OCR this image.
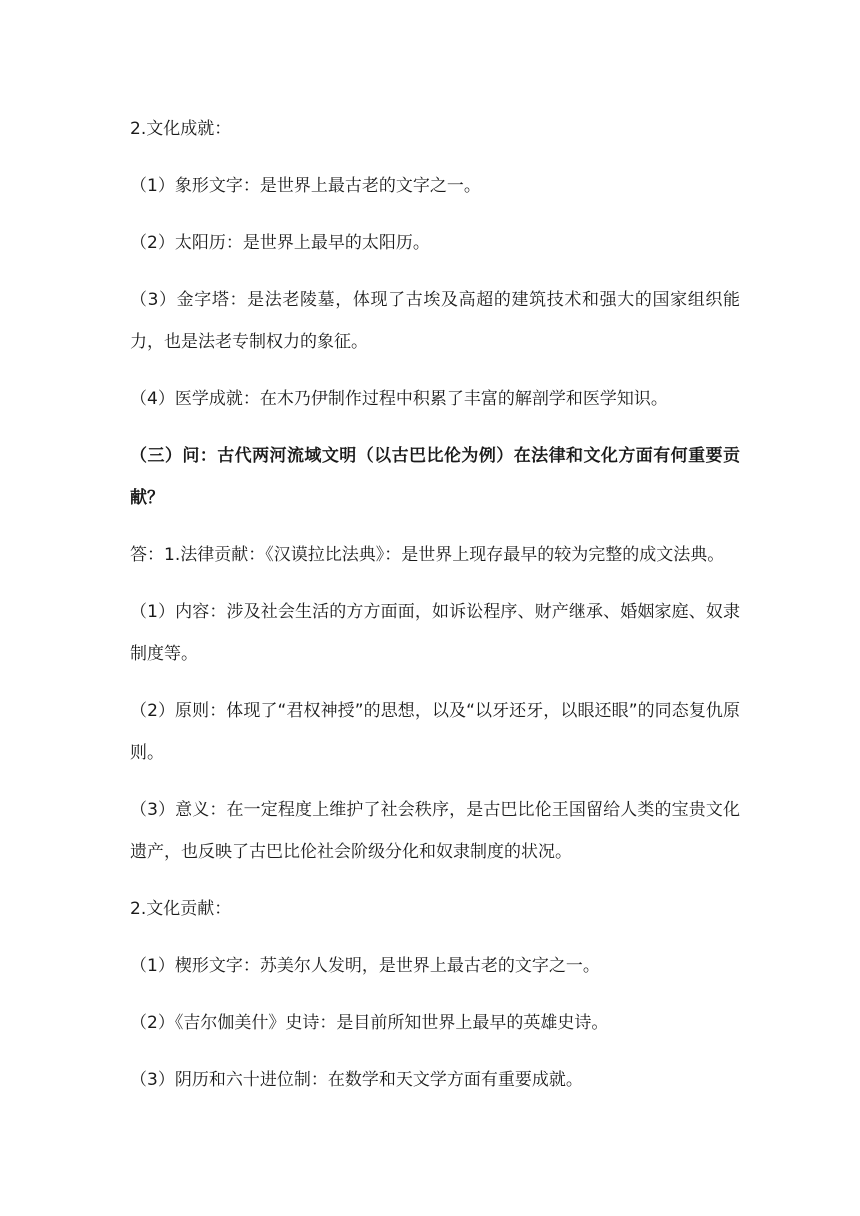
2.文化成就：

（1）象形文字：是世界上最古老的文字之一。

（2）太阳历：是世界上最早的太阳历。

（3）金字塔：是法老陵墓，体现了古埃及高超的建筑技术和强大的国家组织能力，也是法老专制权力的象征。

（4）医学成就：在木乃伊制作过程中积累了丰富的解剖学和医学知识。

（三）问：古代两河流域文明（以古巴比伦为例）在法律和文化方面有何重要贡献？

答：1.法律贡献：《汉谟拉比法典》：是世界上现存最早的较为完整的成文法典。

（1）内容：涉及社会生活的方方面面，如诉讼程序、财产继承、婚姻家庭、奴隶制度等。

（2）原则：体现了“君权神授”的思想，以及“以牙还牙，以眼还眼”的同态复仇原则。

（3）意义：在一定程度上维护了社会秩序，是古巴比伦王国留给人类的宝贵文化遗产，也反映了古巴比伦社会阶级分化和奴隶制度的状况。

2.文化贡献：

（1）楔形文字：苏美尔人发明，是世界上最古老的文字之一。

（2）《吉尔伽美什》史诗：是目前所知世界上最早的英雄史诗。

（3）阴历和六十进位制：在数学和天文学方面有重要成就。
